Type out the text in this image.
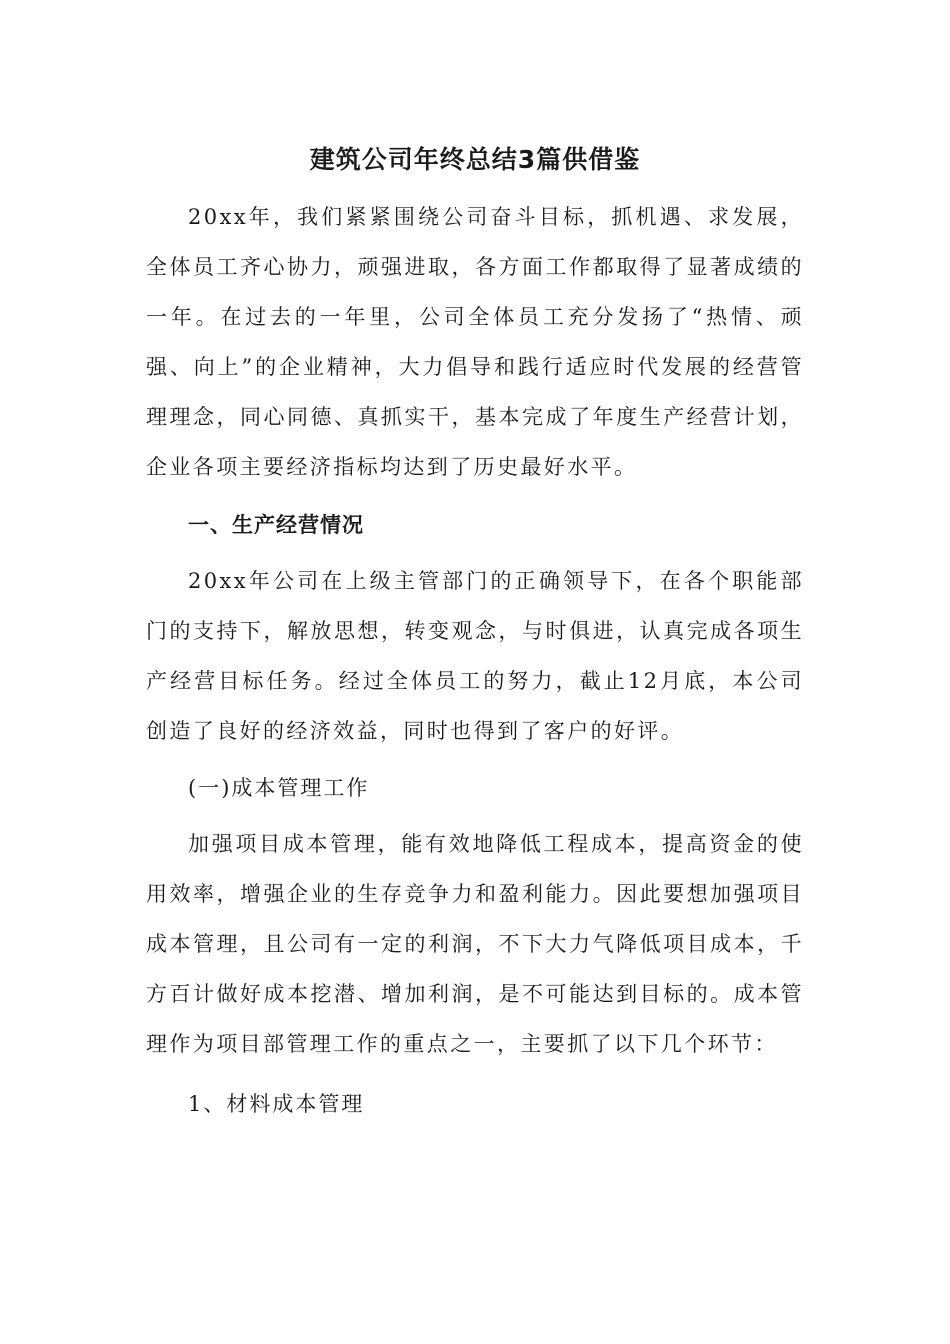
建筑公司年终总结3篇供借鉴

20xx年，我们紧紧围绕公司奋斗目标，抓机遇、求发展，全体员工齐心协力，顽强进取，各方面工作都取得了显著成绩的一年。在过去的一年里，公司全体员工充分发扬了“热情、顽强、向上”的企业精神，大力倡导和践行适应时代发展的经营管理理念，同心同德、真抓实干，基本完成了年度生产经营计划，企业各项主要经济指标均达到了历史最好水平。

一、生产经营情况

20xx年公司在上级主管部门的正确领导下，在各个职能部门的支持下，解放思想，转变观念，与时俱进，认真完成各项生产经营目标任务。经过全体员工的努力，截止12月底，本公司创造了良好的经济效益，同时也得到了客户的好评。

(一)成本管理工作

加强项目成本管理，能有效地降低工程成本，提高资金的使用效率，增强企业的生存竞争力和盈利能力。因此要想加强项目成本管理，且公司有一定的利润，不下大力气降低项目成本，千方百计做好成本挖潜、增加利润，是不可能达到目标的。成本管理作为项目部管理工作的重点之一，主要抓了以下几个环节：

1、材料成本管理
